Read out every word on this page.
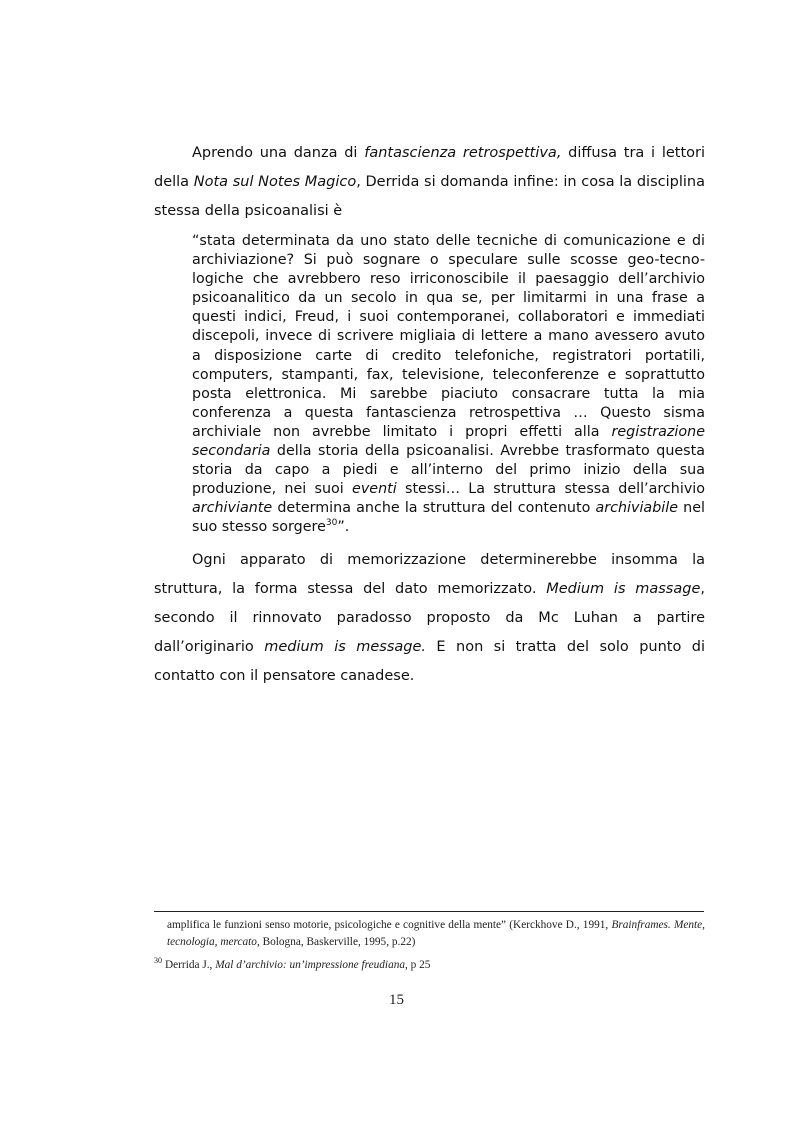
Aprendo una danza di fantascienza retrospettiva, diffusa tra i lettori della Nota sul Notes Magico, Derrida si domanda infine: in cosa la disciplina stessa della psicoanalisi è

“stata determinata da uno stato delle tecniche di comunicazione e di archiviazione? Si può sognare o speculare sulle scosse geo-tecno-logiche che avrebbero reso irriconoscibile il paesaggio dell’archivio psicoanalitico da un secolo in qua se, per limitarmi in una frase a questi indici, Freud, i suoi contemporanei, collaboratori e immediati discepoli, invece di scrivere migliaia di lettere a mano avessero avuto a disposizione carte di credito telefoniche, registratori portatili, computers, stampanti, fax, televisione, teleconferenze e soprattutto posta elettronica. Mi sarebbe piaciuto consacrare tutta la mia conferenza a questa fantascienza retrospettiva … Questo sisma archiviale non avrebbe limitato i propri effetti alla registrazione secondaria della storia della psicoanalisi. Avrebbe trasformato questa storia da capo a piedi e all’interno del primo inizio della sua produzione, nei suoi eventi stessi… La struttura stessa dell’archivio archiviante determina anche la struttura del contenuto archiviabile nel suo stesso sorgere$^{30}$”.

Ogni apparato di memorizzazione determinerebbe insomma la struttura, la forma stessa del dato memorizzato. Medium is massage, secondo il rinnovato paradosso proposto da Mc Luhan a partire dall’originario medium is message. E non si tratta del solo punto di contatto con il pensatore canadese.

amplifica le funzioni senso motorie, psicologiche e cognitive della mente” (Kerckhove D., 1991, Brainframes. Mente, tecnologia, mercato, Bologna, Baskerville, 1995, p.22)

$^{30}$ Derrida J., Mal d’archivio: un’impressione freudiana, p 25

15
